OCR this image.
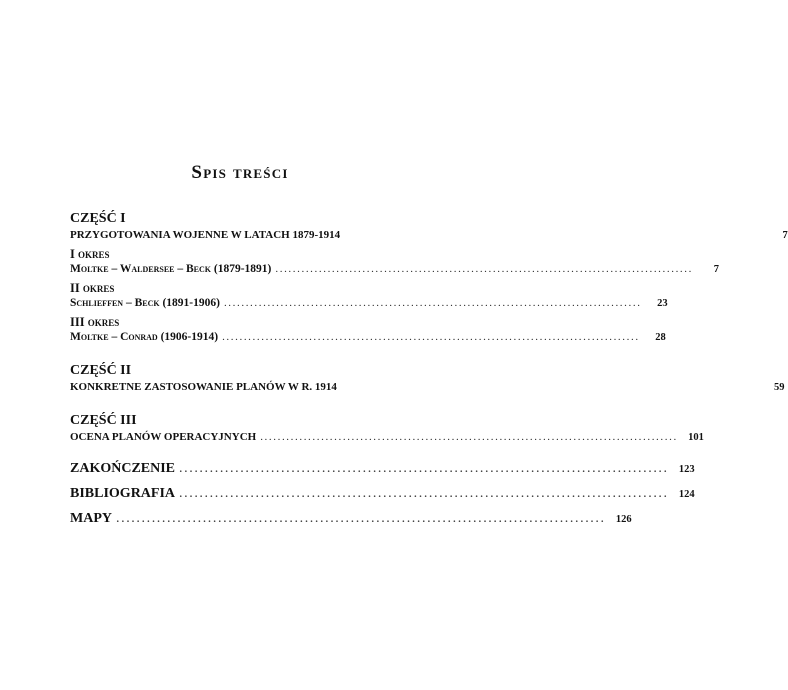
Spis treści
CZĘŚĆ I
PRZYGOTOWANIA WOJENNE W LATACH 1879-1914	7
I okres
Moltke – Waldersee – Beck (1879-1891) ................................................................................................	7
II okres
Schlieffen – Beck (1891-1906) ................................................................................................	23
III okres
Moltke – Conrad (1906-1914) ................................................................................................	28
CZĘŚĆ II
KONKRETNE ZASTOSOWANIE PLANÓW W R. 1914	59
CZĘŚĆ III
OCENA PLANÓW OPERACYJNYCH ................................................................................................ 101
ZAKOŃCZENIE ................................................................................................ 123
BIBLIOGRAFIA ................................................................................................ 124
MAPY ................................................................................................ 126
